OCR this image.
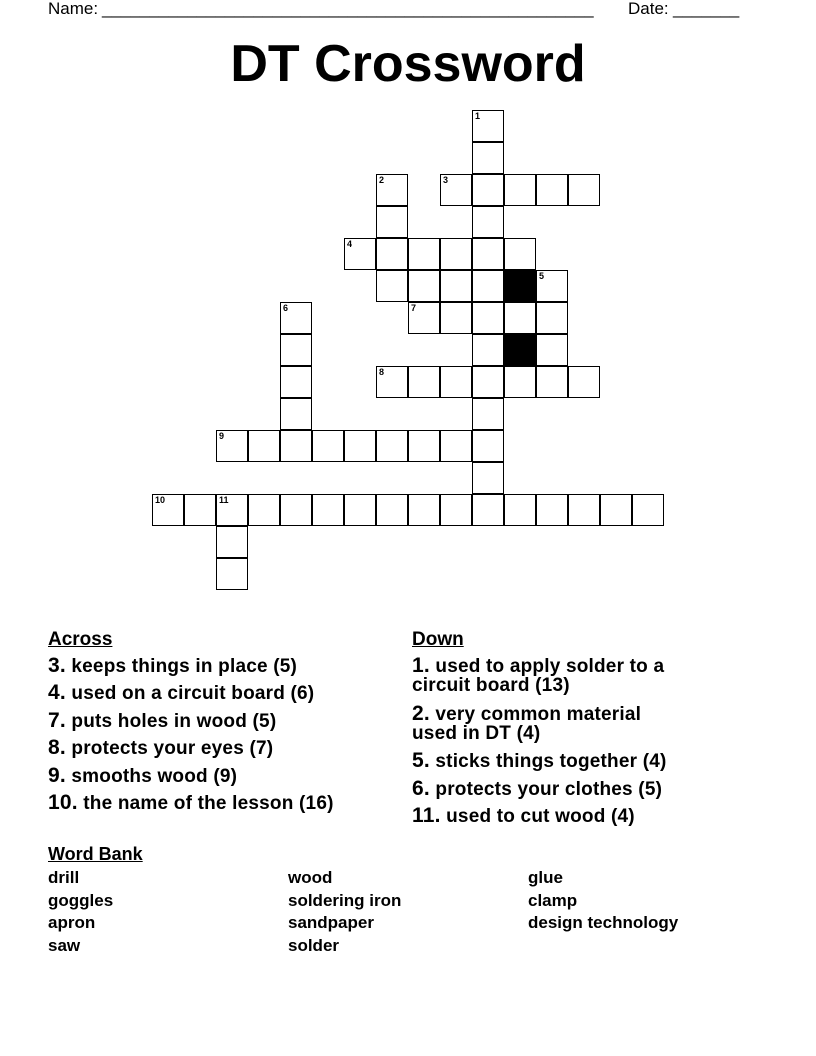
Name:

____________________________________________________

Date:

_______

DT Crossword
1
2	3
4
5
6	7
8
9
10	11
Across
3. keeps things in place (5)
4. used on a circuit board (6)
7. puts holes in wood (5)
8. protects your eyes (7)
9. smooths wood (9)
10. the name of the lesson (16)
Down
1. used to apply solder to a
circuit board (13)
2. very common material
used in DT (4)
5. sticks things together (4)
6. protects your clothes (5)
11. used to cut wood (4)
Word Bank
drill
goggles
apron
saw
wood
soldering iron
sandpaper
solder
glue
clamp
design technology
